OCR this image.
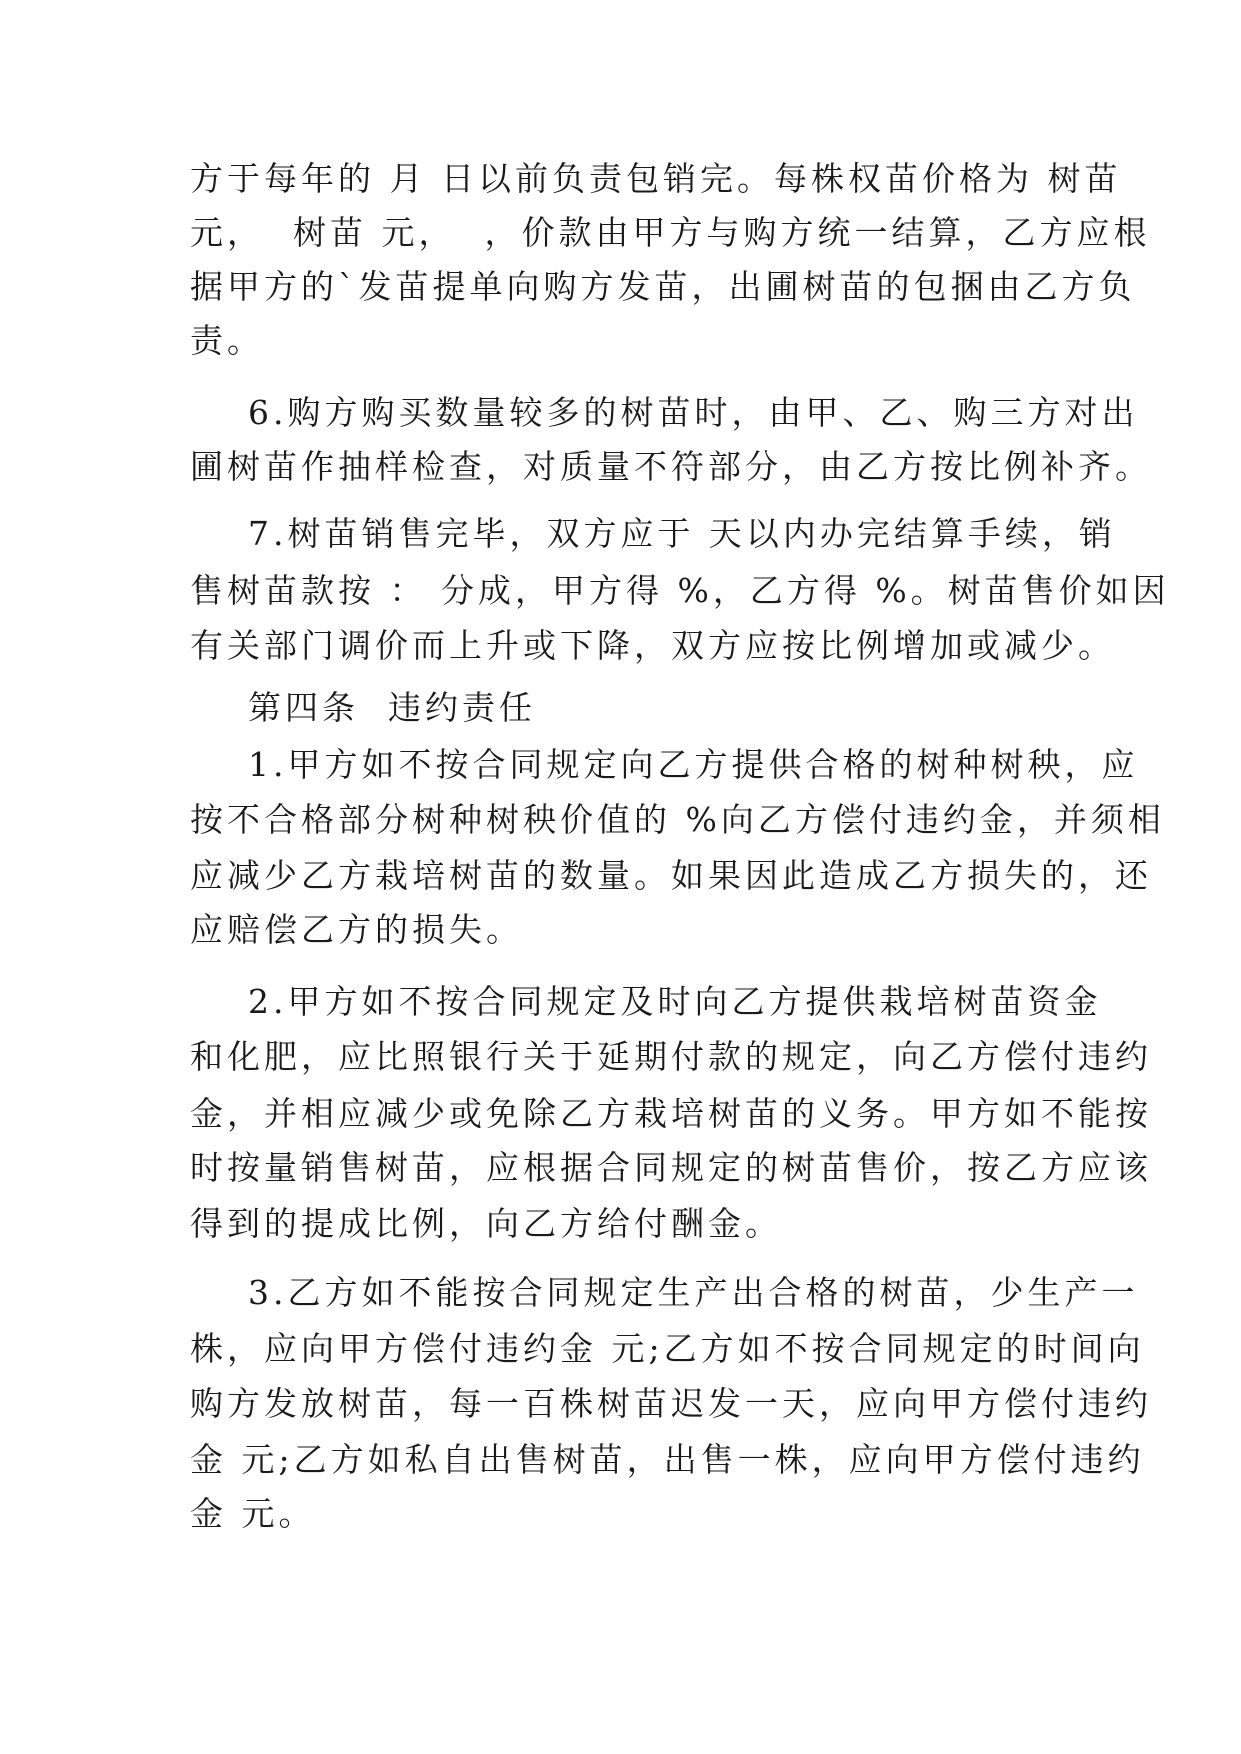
方于每年的 月 日以前负责包销完。每株权苗价格为 树苗
元，  树苗 元，  ，价款由甲方与购方统一结算，乙方应根
据甲方的`发苗提单向购方发苗，出圃树苗的包捆由乙方负
责。
6.购方购买数量较多的树苗时，由甲、乙、购三方对出
圃树苗作抽样检查，对质量不符部分，由乙方按比例补齐。
7.树苗销售完毕，双方应于 天以内办完结算手续，销
售树苗款按 ： 分成，甲方得 %，乙方得 %。树苗售价如因
有关部门调价而上升或下降，双方应按比例增加或减少。
第四条  违约责任
1.甲方如不按合同规定向乙方提供合格的树种树秧，应
按不合格部分树种树秧价值的 %向乙方偿付违约金，并须相
应减少乙方栽培树苗的数量。如果因此造成乙方损失的，还
应赔偿乙方的损失。
2.甲方如不按合同规定及时向乙方提供栽培树苗资金
和化肥，应比照银行关于延期付款的规定，向乙方偿付违约
金，并相应减少或免除乙方栽培树苗的义务。甲方如不能按
时按量销售树苗，应根据合同规定的树苗售价，按乙方应该
得到的提成比例，向乙方给付酬金。
3.乙方如不能按合同规定生产出合格的树苗，少生产一
株，应向甲方偿付违约金 元;乙方如不按合同规定的时间向
购方发放树苗，每一百株树苗迟发一天，应向甲方偿付违约
金 元;乙方如私自出售树苗，出售一株，应向甲方偿付违约
金 元。
